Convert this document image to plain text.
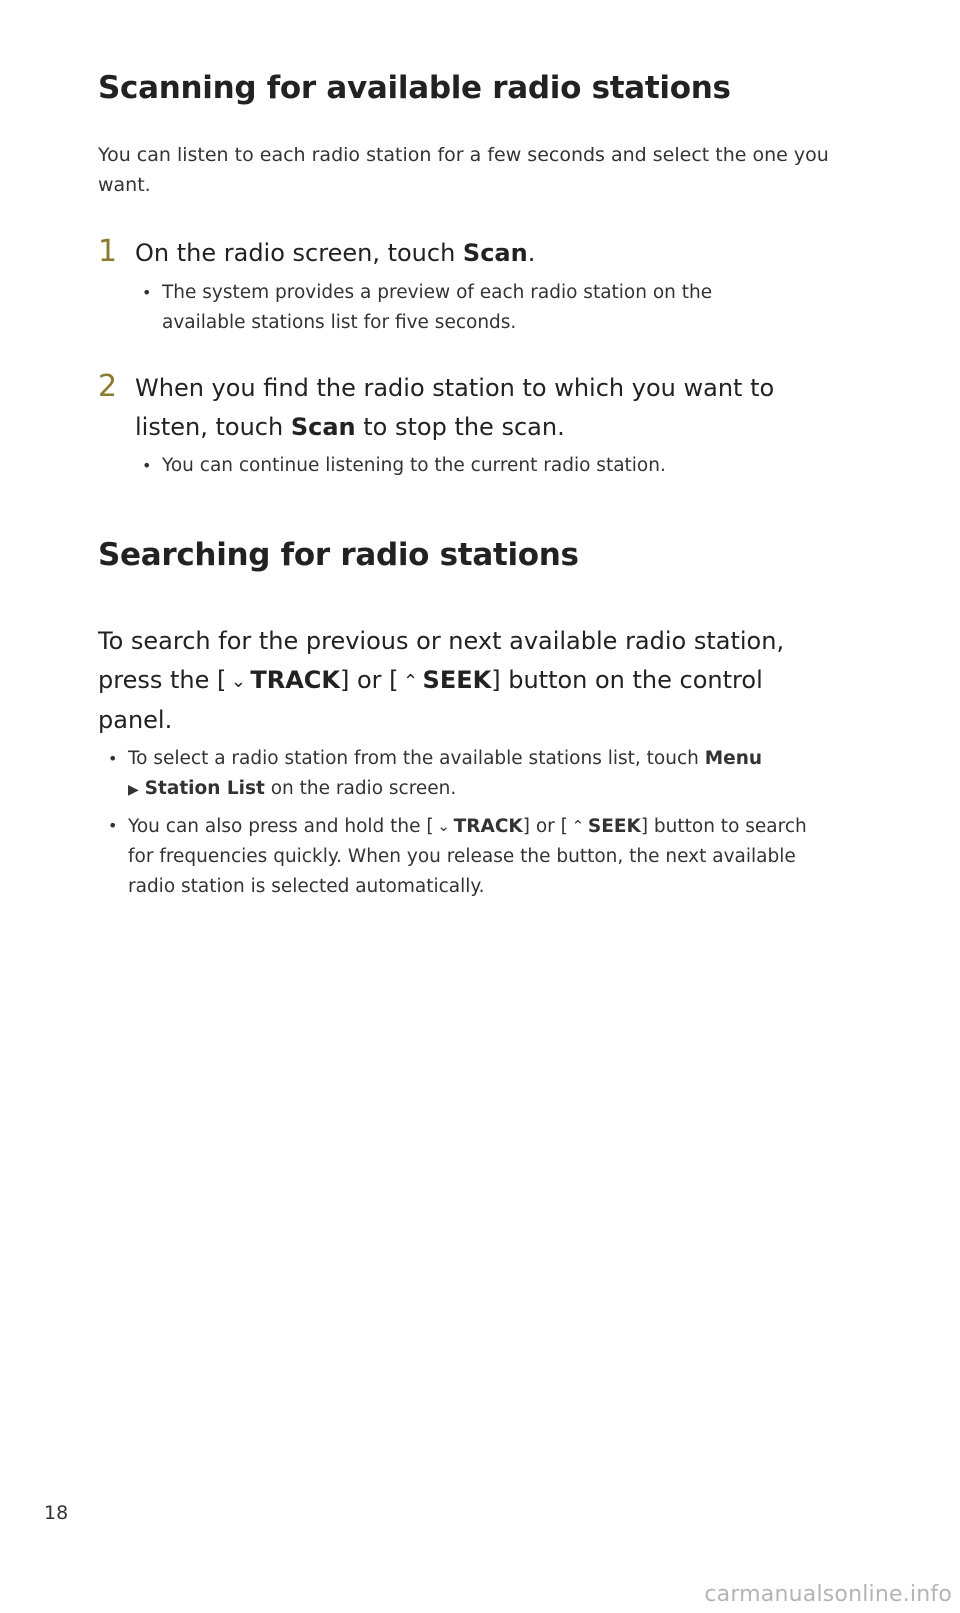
Scanning for available radio stations
You can listen to each radio station for a few seconds and select the one you want.
1 On the radio screen, touch Scan.
• The system provides a preview of each radio station on the available stations list for five seconds.
2 When you find the radio station to which you want to listen, touch Scan to stop the scan.
• You can continue listening to the current radio station.
Searching for radio stations
To search for the previous or next available radio station, press the [ ⌄ TRACK] or [ ⌃ SEEK] button on the control panel.
• To select a radio station from the available stations list, touch Menu
▶ Station List on the radio screen.
• You can also press and hold the [ ⌄ TRACK] or [ ⌃ SEEK] button to search for frequencies quickly. When you release the button, the next available radio station is selected automatically.
18
carmanualsonline.info
